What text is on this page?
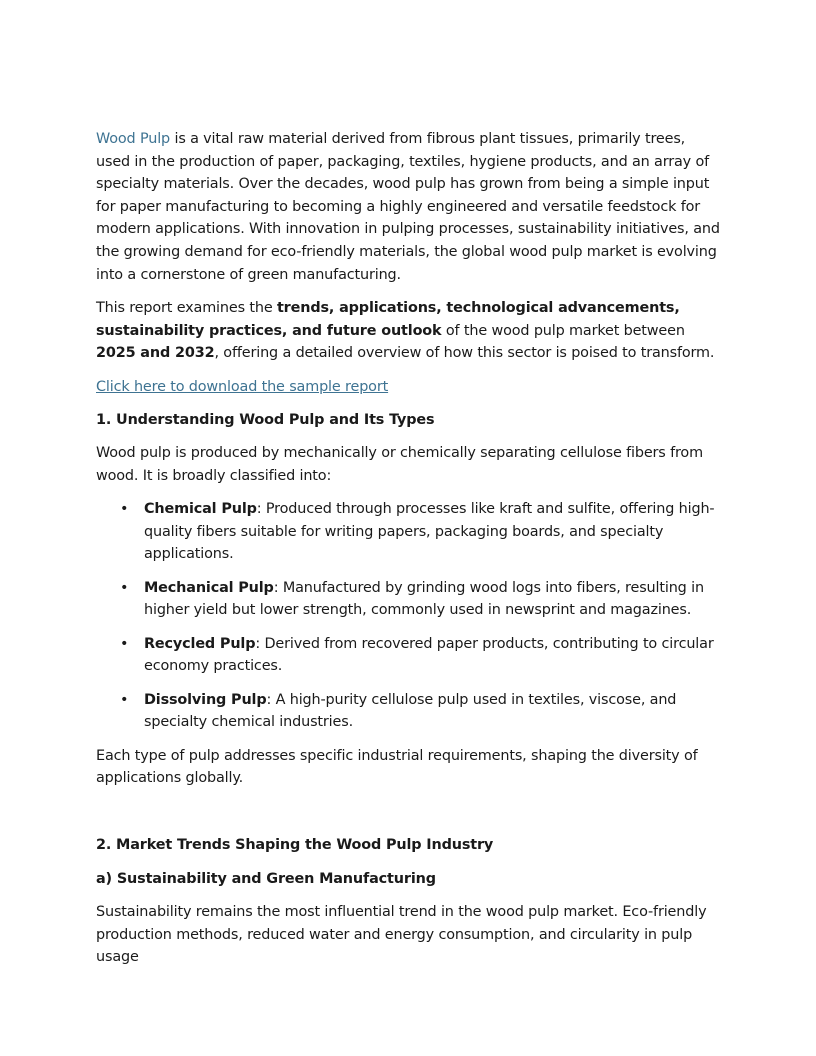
Wood Pulp is a vital raw material derived from fibrous plant tissues, primarily trees, used in the production of paper, packaging, textiles, hygiene products, and an array of specialty materials. Over the decades, wood pulp has grown from being a simple input for paper manufacturing to becoming a highly engineered and versatile feedstock for modern applications. With innovation in pulping processes, sustainability initiatives, and the growing demand for eco-friendly materials, the global wood pulp market is evolving into a cornerstone of green manufacturing.

This report examines the trends, applications, technological advancements, sustainability practices, and future outlook of the wood pulp market between 2025 and 2032, offering a detailed overview of how this sector is poised to transform.

Click here to download the sample report

1. Understanding Wood Pulp and Its Types

Wood pulp is produced by mechanically or chemically separating cellulose fibers from wood. It is broadly classified into:

• Chemical Pulp: Produced through processes like kraft and sulfite, offering high-quality fibers suitable for writing papers, packaging boards, and specialty applications.
• Mechanical Pulp: Manufactured by grinding wood logs into fibers, resulting in higher yield but lower strength, commonly used in newsprint and magazines.
• Recycled Pulp: Derived from recovered paper products, contributing to circular economy practices.
• Dissolving Pulp: A high-purity cellulose pulp used in textiles, viscose, and specialty chemical industries.

Each type of pulp addresses specific industrial requirements, shaping the diversity of applications globally.

2. Market Trends Shaping the Wood Pulp Industry

a) Sustainability and Green Manufacturing

Sustainability remains the most influential trend in the wood pulp market. Eco-friendly production methods, reduced water and energy consumption, and circularity in pulp usage
